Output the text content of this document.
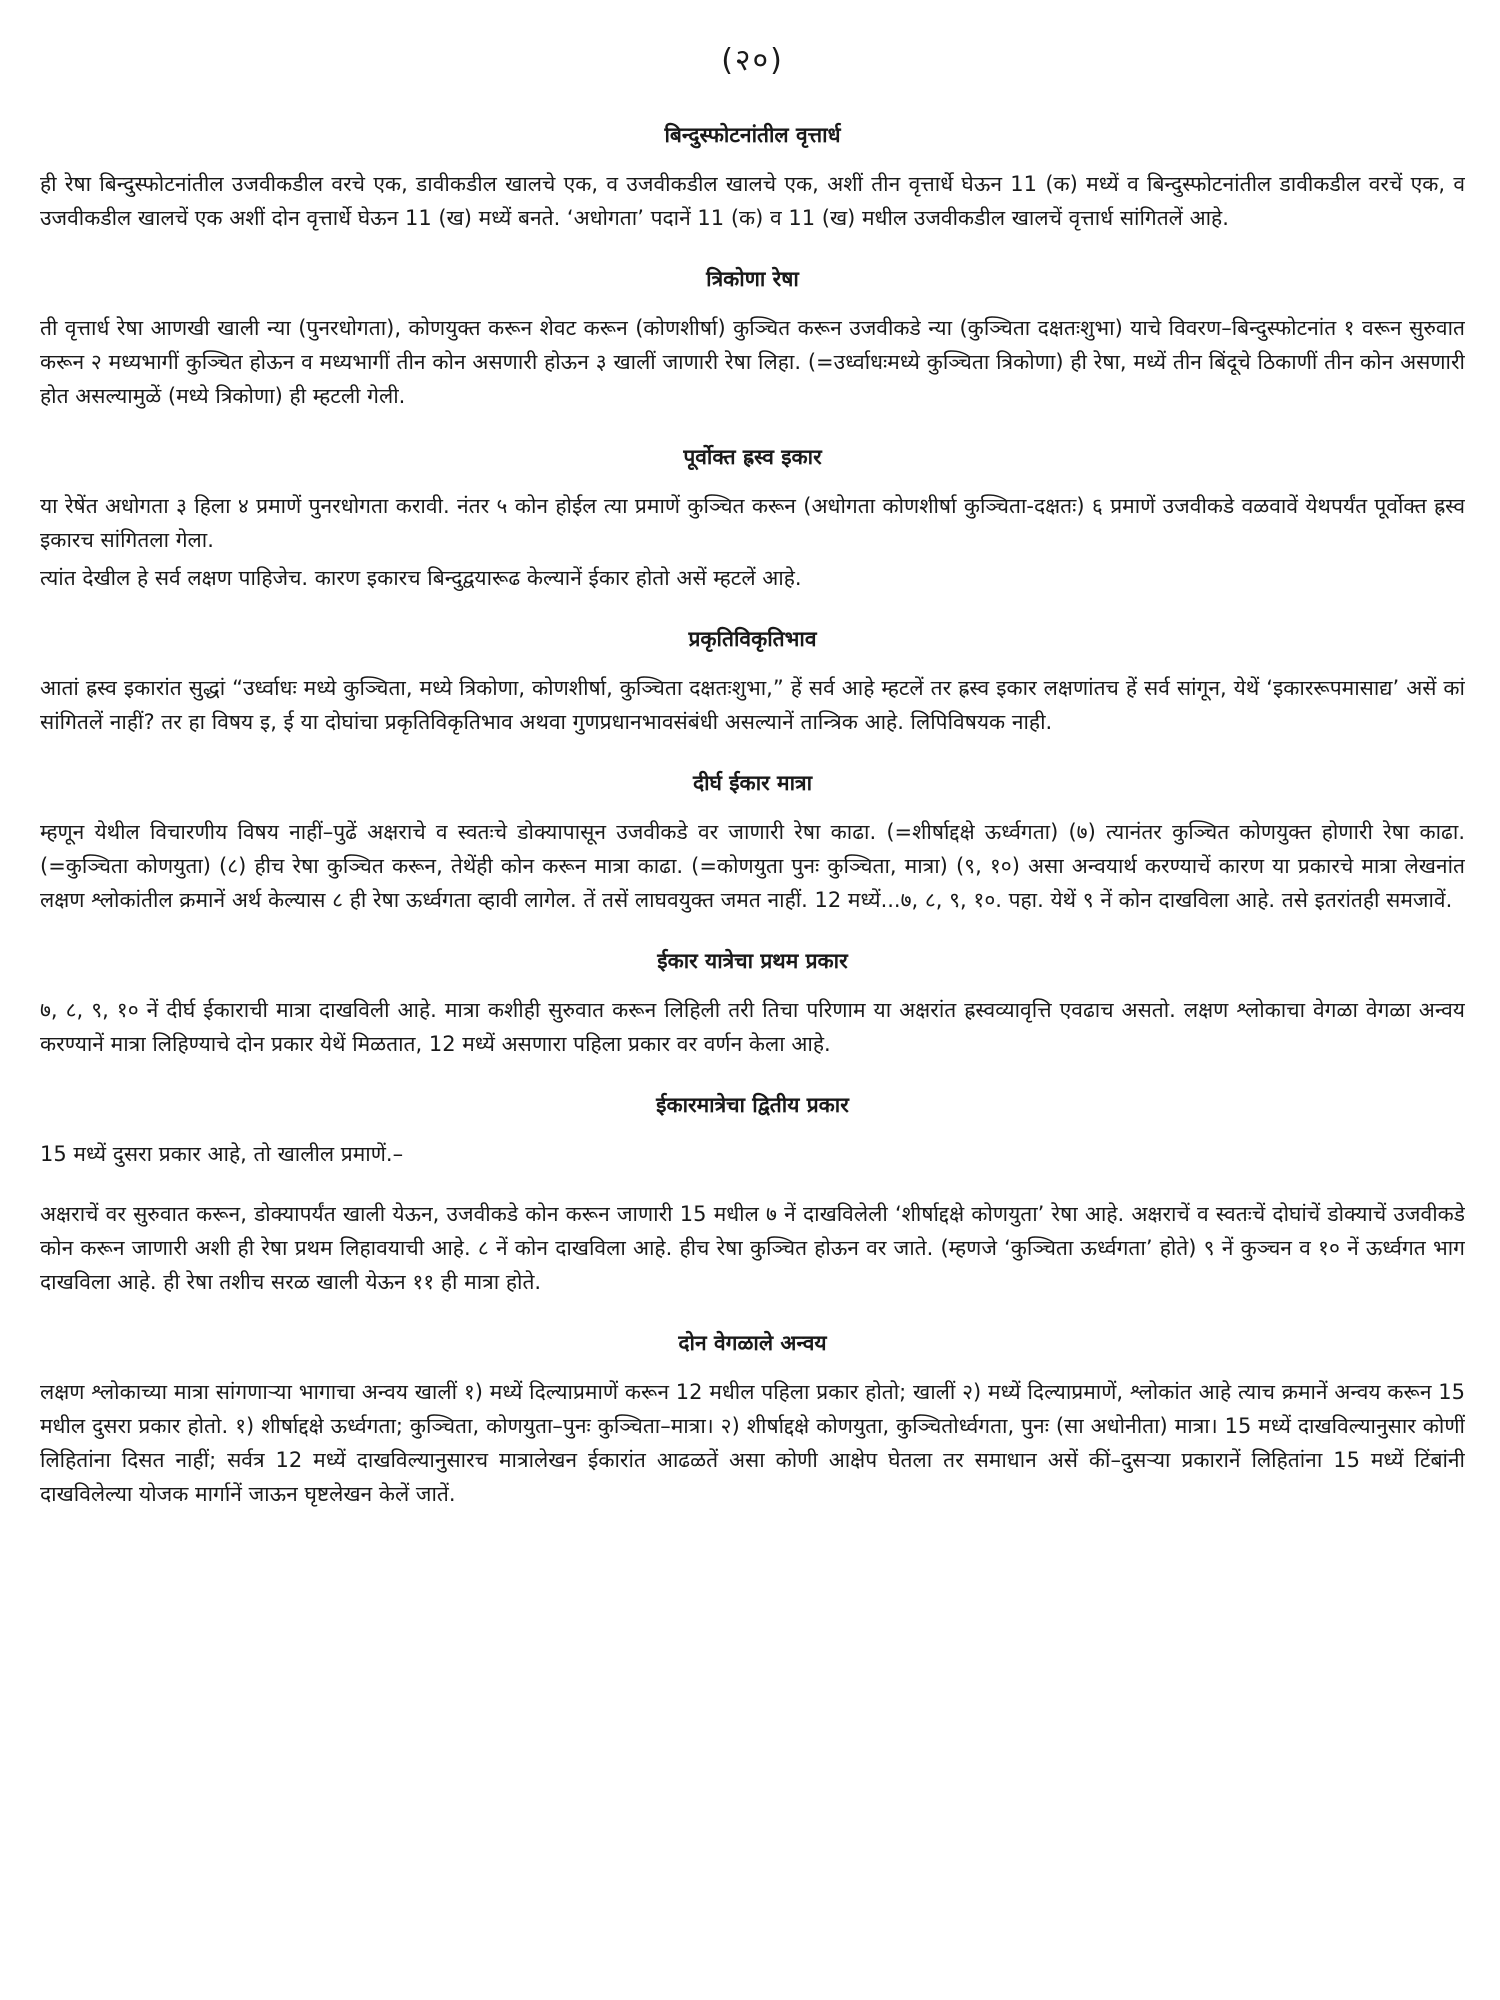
(२०)
बिन्दुस्फोटनांतील वृत्तार्ध

ही रेषा बिन्दुस्फोटनांतील उजवीकडील वरचे एक, डावीकडील खालचे एक, व उजवीकडील खालचे एक, अशीं तीन वृत्तार्धे घेऊन 11 (क) मध्यें व बिन्दुस्फोटनांतील डावीकडील वरचें एक, व उजवीकडील खालचें एक अशीं दोन वृत्तार्धे घेऊन 11 (ख) मध्यें बनते. ‘अधोगता’ पदानें 11 (क) व 11 (ख) मधील उजवीकडील खालचें वृत्तार्ध सांगितलें आहे.

त्रिकोणा रेषा

ती वृत्तार्ध रेषा आणखी खाली न्या (पुनरधोगता), कोणयुक्त करून शेवट करून (कोणशीर्षा) कुञ्चित करून उजवीकडे न्या (कुञ्चिता दक्षतःशुभा) याचे विवरण–बिन्दुस्फोटनांत १ वरून सुरुवात करून २ मध्यभागीं कुञ्चित होऊन व मध्यभागीं तीन कोन असणारी होऊन ३ खालीं जाणारी रेषा लिहा. (=उर्ध्वाधःमध्ये कुञ्चिता त्रिकोणा) ही रेषा, मध्यें तीन बिंदूचे ठिकाणीं तीन कोन असणारी होत असल्यामुळें (मध्ये त्रिकोणा) ही म्हटली गेली.

पूर्वोक्त ह्रस्व इकार

या रेषेंत अधोगता ३ हिला ४ प्रमाणें पुनरधोगता करावी. नंतर ५ कोन होईल त्या प्रमाणें कुञ्चित करून (अधोगता कोणशीर्षा कुञ्चिता-दक्षतः) ६ प्रमाणें उजवीकडे वळवावें येथपर्यंत पूर्वोक्त ह्रस्व इकारच सांगितला गेला.

त्यांत देखील हे सर्व लक्षण पाहिजेच. कारण इकारच बिन्दुद्वयारूढ केल्यानें ईकार होतो असें म्हटलें आहे.

प्रकृतिविकृतिभाव

आतां ह्रस्व इकारांत सुद्धां “उर्ध्वाधः मध्ये कुञ्चिता, मध्ये त्रिकोणा, कोणशीर्षा, कुञ्चिता दक्षतःशुभा,” हें सर्व आहे म्हटलें तर ह्रस्व इकार लक्षणांतच हें सर्व सांगून, येथें ‘इकाररूपमासाद्य’ असें कां सांगितलें नाहीं? तर हा विषय इ, ई या दोघांचा प्रकृतिविकृतिभाव अथवा गुणप्रधानभावसंबंधी असल्यानें तान्त्रिक आहे. लिपिविषयक नाही.

दीर्घ ईकार मात्रा

म्हणून येथील विचारणीय विषय नाहीं–पुढें अक्षराचे व स्वतःचे डोक्यापासून उजवीकडे वर जाणारी रेषा काढा. (=शीर्षाद्दक्षे ऊर्ध्वगता) (७) त्यानंतर कुञ्चित कोणयुक्त होणारी रेषा काढा. (=कुञ्चिता कोणयुता) (८) हीच रेषा कुञ्चित करून, तेथेंही कोन करून मात्रा काढा. (=कोणयुता पुनः कुञ्चिता, मात्रा) (९, १०) असा अन्वयार्थ करण्याचें कारण या प्रकारचे मात्रा लेखनांत लक्षण श्लोकांतील क्रमानें अर्थ केल्यास ८ ही रेषा ऊर्ध्वगता व्हावी लागेल. तें तसें लाघवयुक्त जमत नाहीं. 12 मध्यें...७, ८, ९, १०. पहा. येथें ९ नें कोन दाखविला आहे. तसे इतरांतही समजावें.

ईकार यात्रेचा प्रथम प्रकार

७, ८, ९, १० नें दीर्घ ईकाराची मात्रा दाखविली आहे. मात्रा कशीही सुरुवात करून लिहिली तरी तिचा परिणाम या अक्षरांत ह्रस्वव्यावृत्ति एवढाच असतो. लक्षण श्लोकाचा वेगळा वेगळा अन्वय करण्यानें मात्रा लिहिण्याचे दोन प्रकार येथें मिळतात, 12 मध्यें असणारा पहिला प्रकार वर वर्णन केला आहे.

ईकारमात्रेचा द्वितीय प्रकार

15 मध्यें दुसरा प्रकार आहे, तो खालील प्रमाणें.–

अक्षराचें वर सुरुवात करून, डोक्यापर्यंत खाली येऊन, उजवीकडे कोन करून जाणारी 15 मधील ७ नें दाखविलेली ‘शीर्षाद्दक्षे कोणयुता’ रेषा आहे. अक्षराचें व स्वतःचें दोघांचें डोक्याचें उजवीकडे कोन करून जाणारी अशी ही रेषा प्रथम लिहावयाची आहे. ८ नें कोन दाखविला आहे. हीच रेषा कुञ्चित होऊन वर जाते. (म्हणजे ‘कुञ्चिता ऊर्ध्वगता’ होते) ९ नें कुञ्चन व १० नें ऊर्ध्वगत भाग दाखविला आहे. ही रेषा तशीच सरळ खाली येऊन ११ ही मात्रा होते.

दोन वेगळाले अन्वय

लक्षण श्लोकाच्या मात्रा सांगणाऱ्या भागाचा अन्वय खालीं १) मध्यें दिल्याप्रमाणें करून 12 मधील पहिला प्रकार होतो; खालीं २) मध्यें दिल्याप्रमाणें, श्लोकांत आहे त्याच क्रमानें अन्वय करून 15 मधील दुसरा प्रकार होतो. १) शीर्षाद्दक्षे ऊर्ध्वगता; कुञ्चिता, कोणयुता–पुनः कुञ्चिता–मात्रा। २) शीर्षाद्दक्षे कोणयुता, कुञ्चितोर्ध्वगता, पुनः (सा अधोनीता) मात्रा। 15 मध्यें दाखविल्यानुसार कोणीं लिहितांना दिसत नाहीं; सर्वत्र 12 मध्यें दाखविल्यानुसारच मात्रालेखन ईकारांत आढळतें असा कोणी आक्षेप घेतला तर समाधान असें कीं–दुसऱ्या प्रकारानें लिहितांना 15 मध्यें टिंबांनी दाखविलेल्या योजक मार्गानें जाऊन घृष्टलेखन केलें जातें.
